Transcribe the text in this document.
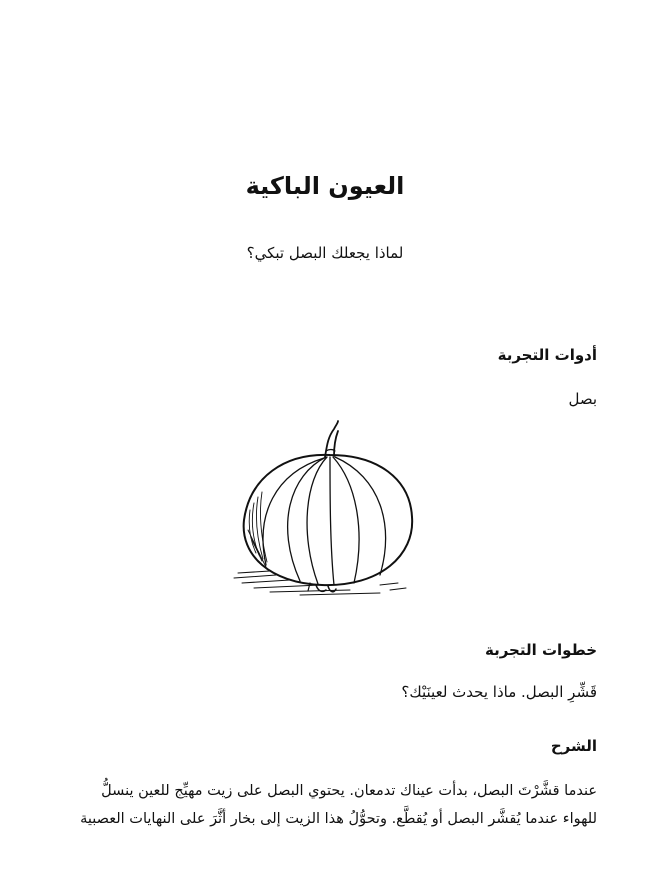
العيون الباكية

لماذا يجعلك البصل تبكي؟

أدوات التجربة

بصل

خطوات التجربة

قَشِّرِ البصل. ماذا يحدث لعينَيْك؟

الشرح
عندما قشَّرْتَ البصل، بدأت عيناك تدمعان. يحتوي البصل على زيت مهيِّج للعين ينسلُّ
للهواء عندما يُقشَّر البصل أو يُقطَّع. وتحوُّلُ هذا الزيت إلى بخار أثَّرَ على النهايات العصبية
